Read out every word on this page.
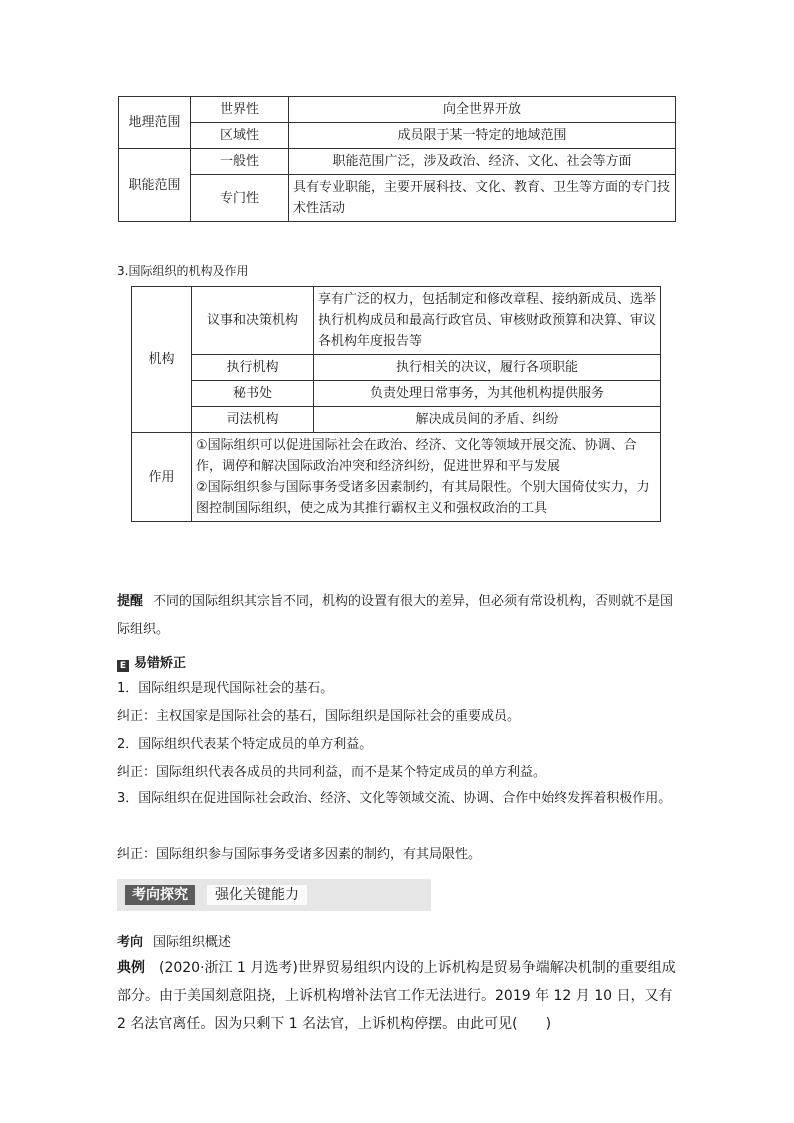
地理范围	世界性	向全世界开放
	区域性	成员限于某一特定的地域范围
职能范围	一般性	职能范围广泛，涉及政治、经济、文化、社会等方面
	专门性	具有专业职能，主要开展科技、文化、教育、卫生等方面的专门技术性活动
3.国际组织的机构及作用
机构	议事和决策机构	享有广泛的权力，包括制定和修改章程、接纳新成员、选举执行机构成员和最高行政官员、审核财政预算和决算、审议各机构年度报告等
	执行机构	执行相关的决议，履行各项职能
	秘书处	负责处理日常事务，为其他机构提供服务
	司法机构	解决成员间的矛盾、纠纷
作用	①国际组织可以促进国际社会在政治、经济、文化等领域开展交流、协调、合作，调停和解决国际政治冲突和经济纠纷，促进世界和平与发展
②国际组织参与国际事务受诸多因素制约，有其局限性。个别大国倚仗实力，力图控制国际组织，使之成为其推行霸权主义和强权政治的工具	
提醒 不同的国际组织其宗旨不同，机构的设置有很大的差异，但必须有常设机构，否则就不是国际组织。
E 易错矫正
1．国际组织是现代国际社会的基石。
纠正：主权国家是国际社会的基石，国际组织是国际社会的重要成员。
2．国际组织代表某个特定成员的单方利益。
纠正：国际组织代表各成员的共同利益，而不是某个特定成员的单方利益。
3．国际组织在促进国际社会政治、经济、文化等领域交流、协调、合作中始终发挥着积极作用。
纠正：国际组织参与国际事务受诸多因素的制约，有其局限性。
考向探究	强化关键能力
考向 国际组织概述
典例　 (2020·浙江 1 月选考)世界贸易组织内设的上诉机构是贸易争端解决机制的重要组成部分。由于美国刻意阻挠，上诉机构增补法官工作无法进行。2019 年 12 月 10 日，又有 2 名法官离任。因为只剩下 1 名法官，上诉机构停摆。由此可见(　　)
